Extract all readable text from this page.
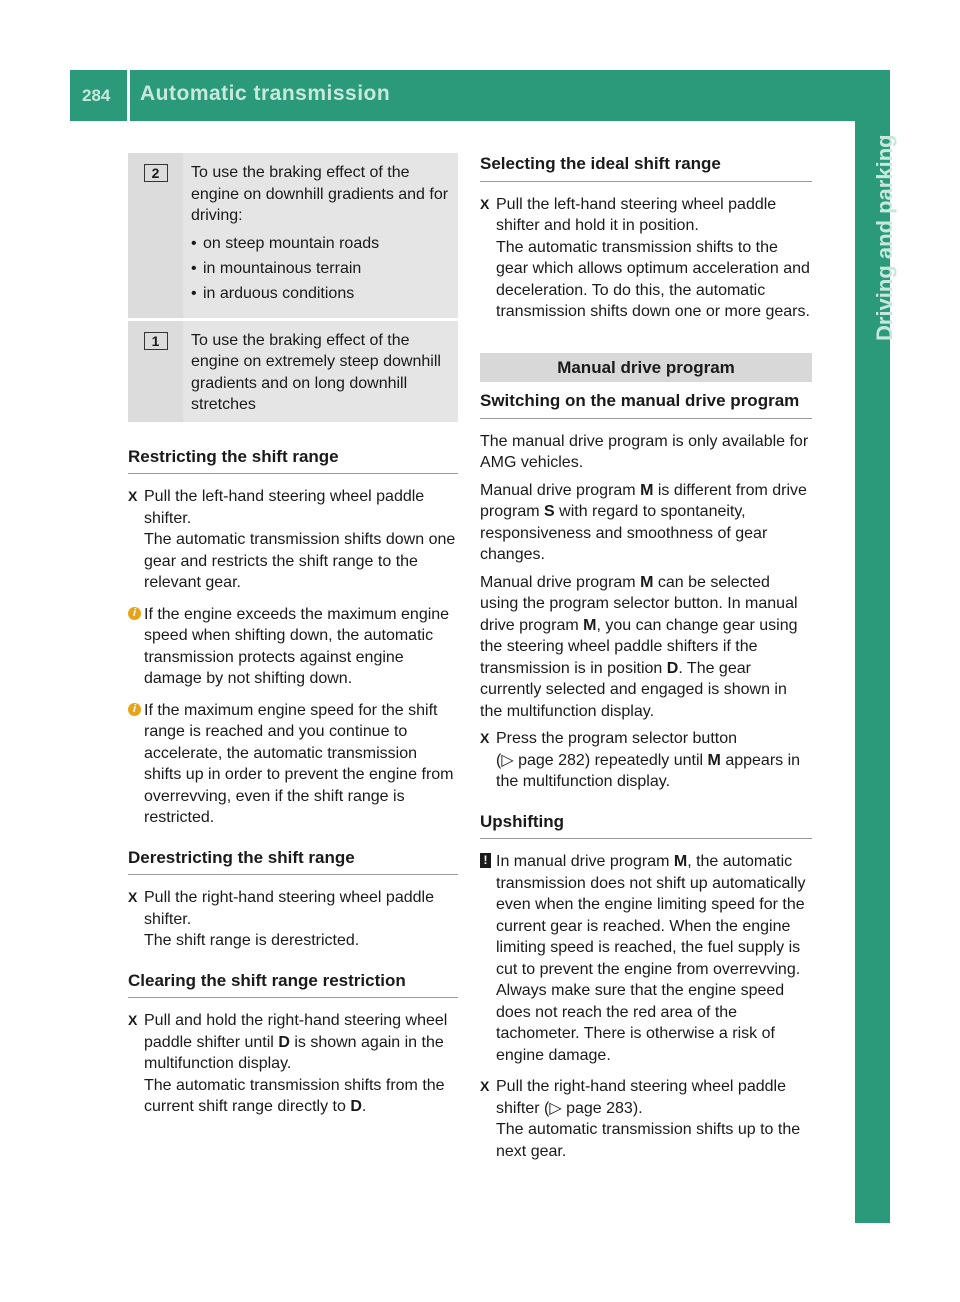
284 Automatic transmission
Driving and parking
2	To use the braking effect of the engine on downhill gradients and for driving:
• on steep mountain roads
• in mountainous terrain
• in arduous conditions
1	To use the braking effect of the engine on extremely steep downhill gradients and on long downhill stretches
Restricting the shift range
X Pull the left-hand steering wheel paddle shifter.
The automatic transmission shifts down one gear and restricts the shift range to the relevant gear.
i If the engine exceeds the maximum engine speed when shifting down, the automatic transmission protects against engine damage by not shifting down.
i If the maximum engine speed for the shift range is reached and you continue to accelerate, the automatic transmission shifts up in order to prevent the engine from overrevving, even if the shift range is restricted.
Derestricting the shift range
X Pull the right-hand steering wheel paddle shifter.
The shift range is derestricted.
Clearing the shift range restriction
X Pull and hold the right-hand steering wheel paddle shifter until D is shown again in the multifunction display.
The automatic transmission shifts from the current shift range directly to D.
Selecting the ideal shift range
X Pull the left-hand steering wheel paddle shifter and hold it in position.
The automatic transmission shifts to the gear which allows optimum acceleration and deceleration. To do this, the automatic transmission shifts down one or more gears.
Manual drive program
Switching on the manual drive program

The manual drive program is only available for AMG vehicles.

Manual drive program M is different from drive program S with regard to spontaneity, responsiveness and smoothness of gear changes.

Manual drive program M can be selected using the program selector button. In manual drive program M, you can change gear using the steering wheel paddle shifters if the transmission is in position D. The gear currently selected and engaged is shown in the multifunction display.

X Press the program selector button
(▷ page 282) repeatedly until M appears in the multifunction display.
Upshifting
! In manual drive program M, the automatic transmission does not shift up automatically even when the engine limiting speed for the current gear is reached. When the engine limiting speed is reached, the fuel supply is cut to prevent the engine from overrevving. Always make sure that the engine speed does not reach the red area of the tachometer. There is otherwise a risk of engine damage.
X Pull the right-hand steering wheel paddle shifter (▷ page 283).
The automatic transmission shifts up to the next gear.
